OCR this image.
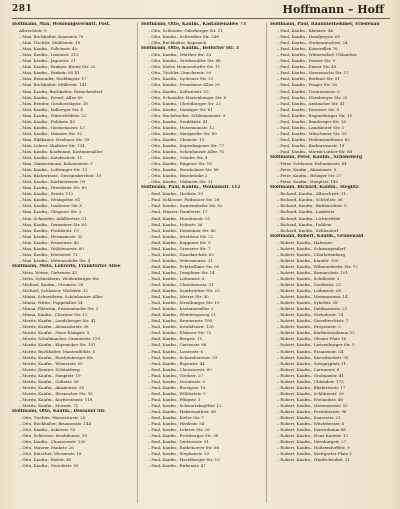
281	Hoffmann – Hoff
Hoffmann, Max, Wohnungsvermitt. Post.
Albrechtstr. 9
– Max, Buchhalter, Kopenick 70
– Max, Tischler, Mühlenstr. 19
– Max, Kaufm., Fidicinstr. 40
– Max, Kaufm., Linienstr. 213
– Max, Kaufm., Jagowstr. 21
– Max, Kaufm., Pankow, Breite Str. 22
– Max, Kaufm., Pankstr. 85 III
– Max, Reisender, Weddingstr. 17
– Max, Buchhalter, Müllerstr. 141
– Max, Kaufm. Buchhalter, Reinickendorf
– Max, Kaufm., Prenzl. Allee 69
– Max, Rentier, Gotzkowskystr. 18
– Max, Kaufm., Kolberger Str. 4
– Max, Kaufm., Winterfeldtstr. 22
– Max, Kaufm., Fuldastr. 45
– Max, Kaufm., Gneisenaustr. 13
– Max, Kaufm., Mainzer Str. 32
– Max, Bildhauer, Stralauer Str. 39
– Max, Lehrer, Skalitzer Str. 134
– Max, Kaufm. Kaufmann, Kastanienallee
– Max, Kaufm., Katzbachstr. 11
– Max, Zimmermann, Kolonnenstr. 5
– Max, Kaufm., Lothringer Str. 13
– Max, Bäckermstr., Georgenkirchstr. 19
– Max, Kaufm., Kurfürstenstr. 59
– Max, Kaufm., Dresdener Str. 89
– Max, Kaufm., Seestr. 112
– Max, Kaufm., Wrangelstr. 61
– Max, Kaufm., Lindower Str. 8
– Max, Kaufm., Glogauer Str. 2
– Max, Schneider, Adalbertstr. 21
– Max, Kaufm., Demminer Str. 65
– Max, Kaufm., Pücklerstr. 19
– Max, Kaufm., Hermannstr. 32
– Max, Kaufm., Prinzenstr. 40
– Max, Kaufm., Waldemarstr. 60
– Max, Kaufm., Wienerstr. 11
– Max, Kaufm., Mittenwalder Str. 4
Hoffmann, Meta, Lehrerin, Frankfurter Allee
– Meta, Witwe, Gartenstr. 41
– Meta, Schneiderin, Weißenburger Str.
– Michael, Kaufm., Stromstr. 38
– Michael, Schlosser, Wiclefstr. 12
– Minna, Schneiderin, Schönhauser Allee
– Minna, Witwe, Pappelallee 34
– Minna, Plätterin, Swinemünder Str. 3
– Minna, Kaufm., Choriner Str. 12
– Moritz, Kaufm., Landsberger Str. 41
– Moritz, Kaufm., Alexanderstr. 38
– Moritz, Kaufm., Neue Königstr. 9
– Moritz, Schuhmacher, Oranienstr. 159
– Moritz, Kaufm., Köpenicker Str. 101
– Moritz, Buchhalter, Manteuffelstr. 8
– Moritz, Kaufm., Reichenberger Str.
– Moritz, Kaufm., Wienerstr. 60
– Moritz, Rentier, Schöneberg
– Moritz, Kaufm., Hauptstr. 19
– Moritz, Kaufm., Goltzstr. 36
– Moritz, Kaufm., Akazienstr. 28
– Moritz, Kaufm., Eisenacher Str. 55
– Moritz, Kaufm., Kurfürstenstr. 118
– Moritz, Kaufm., Motzstr. 71
Hoffmann, Otto, Kaufm., Dessauer Str.
– Otto, Tischler, Wassertorstr. 26
– Otto, Buchhalter, Brunnenstr. 144
– Otto, Kaufm., Ackerstr. 55
– Otto, Schlosser, Invalidenstr. 39
– Otto, Kaufm., Chausseestr. 120
– Otto, Maurer, Pankstr. 26
– Otto, Kutscher, Wiesenstr. 18
– Otto, Kaufm., Badstr. 40
– Otto, Kaufm., Gerichtstr. 55
Hoffmann, Otto, Kaufm., Kastanienallee 73
– Otto, Schlosser, Oderberger Str. 11
– Otto, Kaufm., Schwedter Str. 248
– Otto, Buchhalter, Kopenick
Hoffmann, Otto, Kaufm., Belforter Str. 3
– Otto, Kaufm., Wörther Str. 35
– Otto, Kaufm., Greifswalder Str. 48
– Otto, Maler, Heinersdorfer Str. 11
– Otto, Tischler, Dunckerstr. 90
– Otto, Kaufm., Lychener Str. 25
– Otto, Kaufm., Prenzlauer Allee 29
– Otto, Kaufm., Kollwitzstr. 52
– Otto, Schneider, Marienburger Str. 8
– Otto, Kaufm., Christburger Str. 23
– Otto, Kaufm., Danziger Str. 81
– Otto, Buchdrucker, Schliemannstr. 9
– Otto, Kaufm., Sredzkistr. 41
– Otto, Kaufm., Husemannstr. 12
– Otto, Kaufm., Stargarder Str. 69
– Otto, Kaufm., Gleimstr. 15
– Otto, Kaufm., Kopenhagener Str. 77
– Otto, Kaufm., Schönhauser Allee 70
– Otto, Kaufm., Ystader Str. 4
– Otto, Kaufm., Rügener Str. 16
– Otto, Kaufm., Bornholmer Str. 88
– Otto, Kaufm., Bösebrücke 2
– Otto, Kaufm., Malmöer Str. 31
Hoffmann, Paul, Kaufm., Wollankstr. 112
– Paul, Kaufm., Hochstr. 39
– Paul, Schlosser, Putbusser Str. 28
– Paul, Kaufm., Swinemünder Str. 82
– Paul, Maurer, Ramlerstr. 17
– Paul, Kaufm., Hussitenstr. 51
– Paul, Kaufm., Voltastr. 36
– Paul, Kaufm., Demminer Str. 45
– Paul, Kaufm., Strelitzer Str. 22
– Paul, Kaufm., Ruppiner Str. 5
– Paul, Kaufm., Granseer Str. 7
– Paul, Kaufm., Zionskirchstr. 63
– Paul, Kaufm., Veteranenstr. 21
– Paul, Kaufm., Fehrbelliner Str. 90
– Paul, Kaufm., Templiner Str. 14
– Paul, Kaufm., Lottumstr. 8
– Paul, Kaufm., Christinenstr. 31
– Paul, Kaufm., Saarbrücker Str. 23
– Paul, Kaufm., Metzer Str. 40
– Paul, Kaufm., Straßburger Str. 19
– Paul, Kaufm., Kastanienallee 2
– Paul, Kaufm., Weinbergsweg 11
– Paul, Kaufm., Brunnenstr. 195
– Paul, Kaufm., Invalidenstr. 128
– Paul, Kaufm., Elsässer Str. 72
– Paul, Kaufm., Bergstr. 15
– Paul, Kaufm., Gartenstr. 88
– Paul, Kaufm., Liesenstr. 6
– Paul, Kaufm., Scharnhorststr. 33
– Paul, Kaufm., Boyenstr. 44
– Paul, Kaufm., Chausseestr. 60
– Paul, Kaufm., Tieckstr. 27
– Paul, Kaufm., Novalisstr. 5
– Paul, Kaufm., Borsigstr. 18
– Paul, Kaufm., Wöhlertstr. 9
– Paul, Kaufm., Pflugstr. 3
– Paul, Kaufm., Schwartzkopffstr. 12
– Paul, Kaufm., Habersaathstr. 40
– Paul, Kaufm., Kieler Str. 7
– Paul, Kaufm., Heidestr. 54
– Paul, Kaufm., Lehrter Str. 26
– Paul, Kaufm., Perleberger Str. 38
– Paul, Kaufm., Quitzowstr. 91
– Paul, Kaufm., Rathenower Str. 66
– Paul, Kaufm., Stephanstr. 29
– Paul, Kaufm., Havelberger Str. 13
– Paul, Kaufm., Birkenstr. 47
Hoffmann, Paul, Bauunternehmer, Friedenau
– Paul, Kaufm., Rheinstr. 46
– Paul, Kaufm., Handjerystr. 65
– Paul, Kaufm., Stubenrauchstr. 24
– Paul, Kaufm., Kaiserallee 78
– Paul, Kaufm., Wilmersdorf, Uhlandstr.
– Paul, Kaufm., Pariser Str. 9
– Paul, Kaufm., Emser Str. 43
– Paul, Kaufm., Nassauische Str. 17
– Paul, Kaufm., Berliner Str. 51
– Paul, Kaufm., Prager Str. 30
– Paul, Kaufm., Trautenaustr. 6
– Paul, Kaufm., Nürnberger Str. 22
– Paul, Kaufm., Ansbacher Str. 41
– Paul, Kaufm., Passauer Str. 8
– Paul, Kaufm., Regensburger Str. 15
– Paul, Kaufm., Bamberger Str. 50
– Paul, Kaufm., Landshuter Str. 3
– Paul, Kaufm., Münchener Str. 33
– Paul, Kaufm., Hohenstaufenstr. 62
– Paul, Kaufm., Barbarossastr. 19
– Paul, Kaufm., Martin-Luther-Str. 88
Hoffmann, Peter, Kaufm., Schöneberg
– Peter, Schlosser, Kolonnenstr. 44
– Peter, Kaufm., Akazienstr. 9
– Peter, Kaufm., Belziger Str. 27
– Peter, Kaufm., Hauptstr. 140
Hoffmann, Richard, Kaufm., Steglitz
– Richard, Kaufm., Albrechtstr. 11
– Richard, Kaufm., Schloßstr. 36
– Richard, Kaufm., Birkbuschstr. 5
– Richard, Kaufm., Lankwitz
– Richard, Kaufm., Lichterfelde
– Richard, Kaufm., Dahlem
– Richard, Kaufm., Zehlendorf
Hoffmann, Robert, Kaufm., Grunewald
– Robert, Kaufm., Halensee
– Robert, Kaufm., Schmargendorf
– Robert, Kaufm., Charlottenburg
– Robert, Kaufm., Kantstr. 130
– Robert, Kaufm., Wilmersdorfer Str. 72
– Robert, Kaufm., Bismarckstr. 101
– Robert, Kaufm., Schillerstr. 9
– Robert, Kaufm., Goethestr. 25
– Robert, Kaufm., Leibnizstr. 60
– Robert, Kaufm., Mommsenstr. 14
– Robert, Kaufm., Sybelstr. 38
– Robert, Kaufm., Dahlmannstr. 21
– Robert, Kaufm., Niebuhrstr. 74
– Robert, Kaufm., Giesebrechtstr. 7
– Robert, Kaufm., Droysenstr. 3
– Robert, Kaufm., Kurfürstendamm 52
– Robert, Kaufm., Olivaer Platz 16
– Robert, Kaufm., Lietzenburger Str. 5
– Robert, Kaufm., Fasanenstr. 34
– Robert, Kaufm., Knesebeckstr. 90
– Robert, Kaufm., Savignyplatz 11
– Robert, Kaufm., Carmerstr. 8
– Robert, Kaufm., Grolmanstr. 41
– Robert, Kaufm., Uhlandstr. 175
– Robert, Kaufm., Bleibtreustr. 17
– Robert, Kaufm., Schlüterstr. 29
– Robert, Kaufm., Wielandstr. 46
– Robert, Kaufm., Mommsenstr. 55
– Robert, Kaufm., Pestalozzistr. 96
– Robert, Kaufm., Suarezstr. 23
– Robert, Kaufm., Witzlebenstr. 4
– Robert, Kaufm., Kaiserdamm 88
– Robert, Kaufm., Neue Kantstr. 12
– Robert, Kaufm., Dernburgstr. 27
– Robert, Kaufm., Holtzendorffstr. 9
– Robert, Kaufm., Stuttgarter Platz 3
– Robert, Kaufm., Windscheidstr. 31
